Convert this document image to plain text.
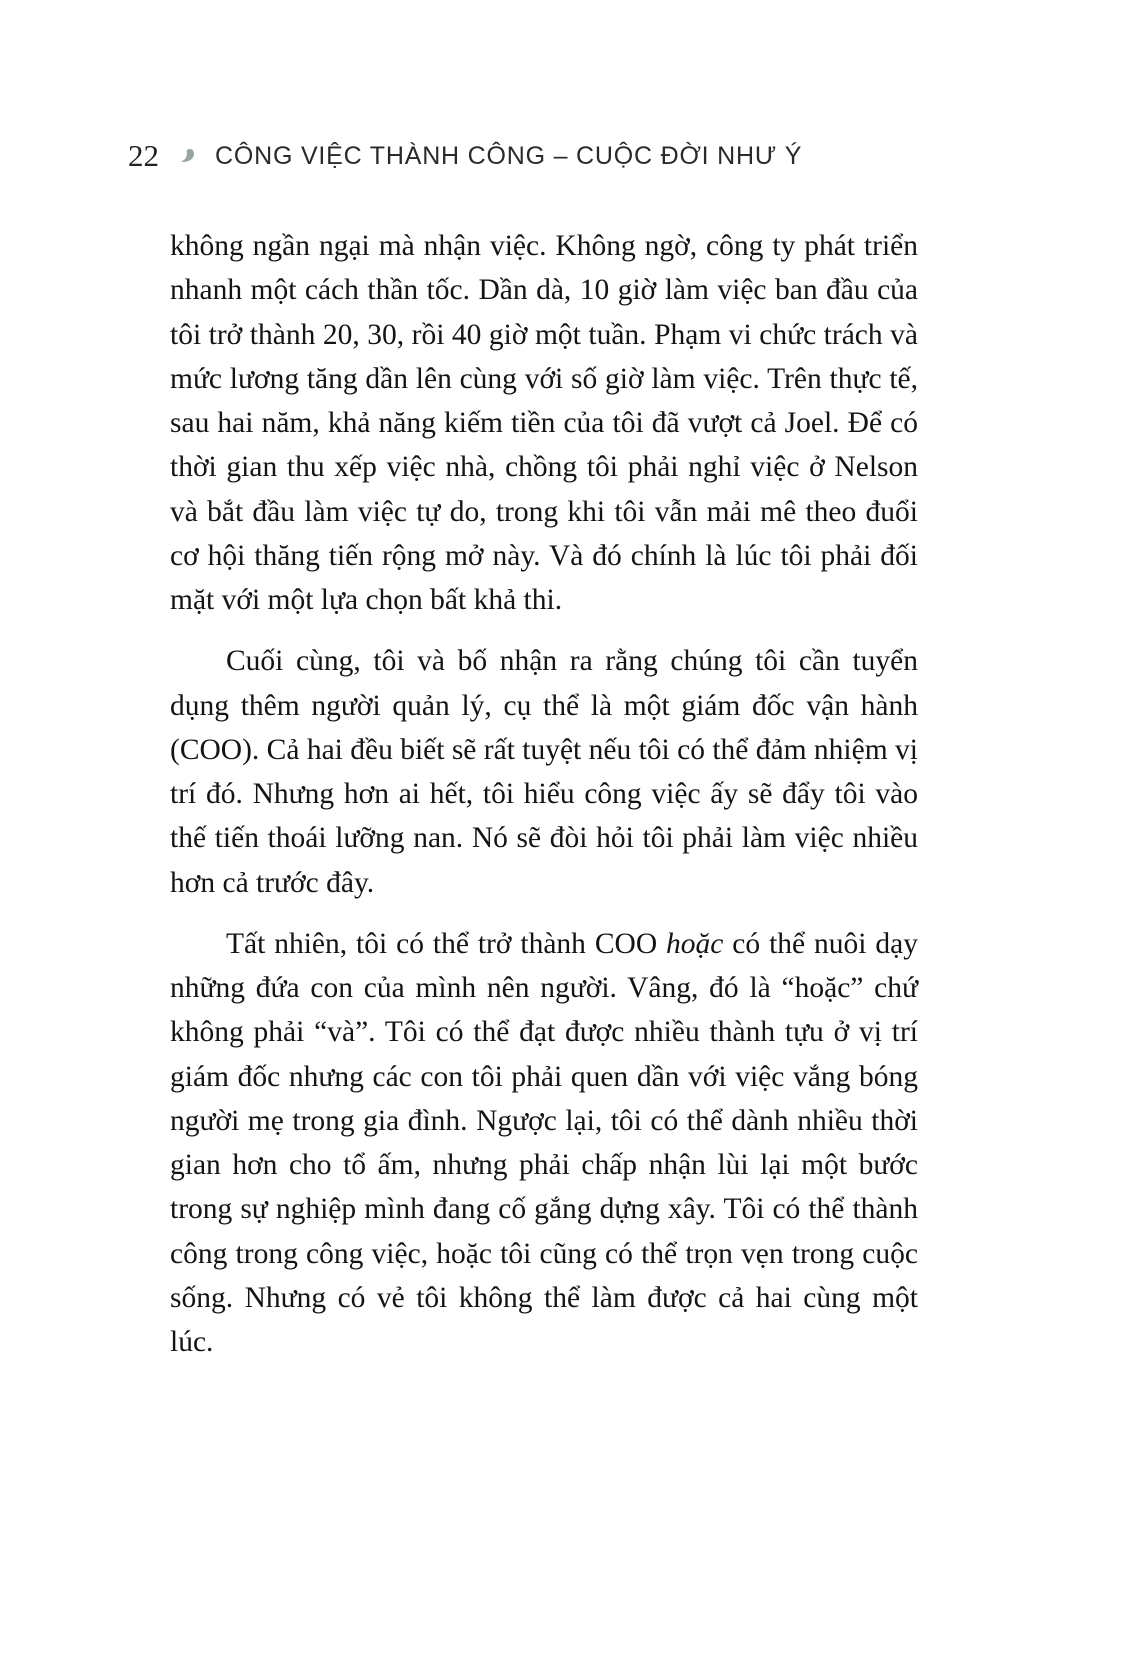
22 CÔNG VIỆC THÀNH CÔNG – CUỘC ĐỜI NHƯ Ý

không ngần ngại mà nhận việc. Không ngờ, công ty phát triển nhanh một cách thần tốc. Dần dà, 10 giờ làm việc ban đầu của tôi trở thành 20, 30, rồi 40 giờ một tuần. Phạm vi chức trách và mức lương tăng dần lên cùng với số giờ làm việc. Trên thực tế, sau hai năm, khả năng kiếm tiền của tôi đã vượt cả Joel. Để có thời gian thu xếp việc nhà, chồng tôi phải nghỉ việc ở Nelson và bắt đầu làm việc tự do, trong khi tôi vẫn mải mê theo đuổi cơ hội thăng tiến rộng mở này. Và đó chính là lúc tôi phải đối mặt với một lựa chọn bất khả thi.

Cuối cùng, tôi và bố nhận ra rằng chúng tôi cần tuyển dụng thêm người quản lý, cụ thể là một giám đốc vận hành (COO). Cả hai đều biết sẽ rất tuyệt nếu tôi có thể đảm nhiệm vị trí đó. Nhưng hơn ai hết, tôi hiểu công việc ấy sẽ đẩy tôi vào thế tiến thoái lưỡng nan. Nó sẽ đòi hỏi tôi phải làm việc nhiều hơn cả trước đây.

Tất nhiên, tôi có thể trở thành COO hoặc có thể nuôi dạy những đứa con của mình nên người. Vâng, đó là “hoặc” chứ không phải “và”. Tôi có thể đạt được nhiều thành tựu ở vị trí giám đốc nhưng các con tôi phải quen dần với việc vắng bóng người mẹ trong gia đình. Ngược lại, tôi có thể dành nhiều thời gian hơn cho tổ ấm, nhưng phải chấp nhận lùi lại một bước trong sự nghiệp mình đang cố gắng dựng xây. Tôi có thể thành công trong công việc, hoặc tôi cũng có thể trọn vẹn trong cuộc sống. Nhưng có vẻ tôi không thể làm được cả hai cùng một lúc.
